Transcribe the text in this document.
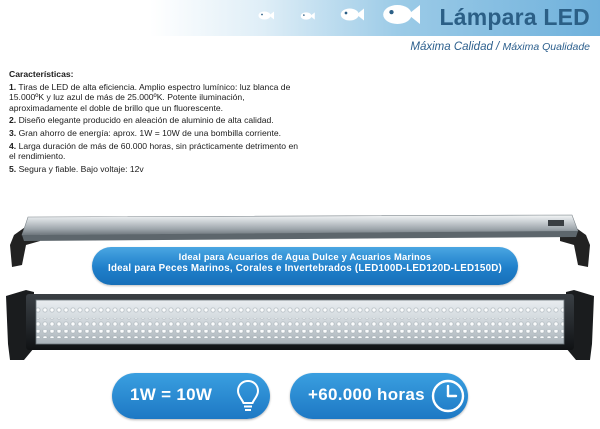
Lámpara LED
Máxima Calidad / Máxima Qualidade
Características:
1. Tiras de LED de alta eficiencia. Amplio espectro lumínico: luz blanca de 15.000ºK y luz azul de más de 25.000ºK. Potente iluminación, aproximadamente el doble de brillo que un fluorescente.
2. Diseño elegante producido en aleación de aluminio de alta calidad.
3. Gran ahorro de energía: aprox. 1W = 10W de una bombilla corriente.
4. Larga duración de más de 60.000 horas, sin prácticamente detrimento en el rendimiento.
5. Segura y fiable. Bajo voltaje: 12v
Ideal para Acuarios de Agua Dulce y Acuarios Marinos
Ideal para Peces Marinos, Corales e Invertebrados (LED100D-LED120D-LED150D)
1W = 10W	+60.000 horas
